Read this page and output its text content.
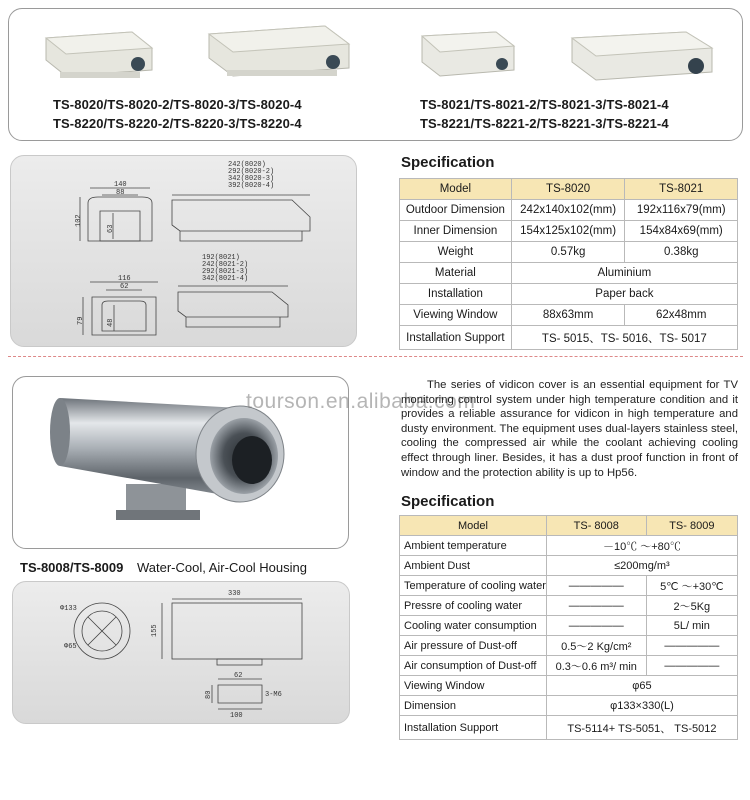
TS-8020/TS-8020-2/TS-8020-3/TS-8020-4
TS-8220/TS-8220-2/TS-8220-3/TS-8220-4
TS-8021/TS-8021-2/TS-8021-3/TS-8021-4
TS-8221/TS-8221-2/TS-8221-3/TS-8221-4
140
88
102
63
242(8020)
292(8020-2)
342(8020-3)
392(8020-4)
116
62
79	48
192(8021)
242(8021-2)
292(8021-3)
342(8021-4)
Specification
Model	TS-8020	TS-8021
Outdoor Dimension	242x140x102(mm)	192x116x79(mm)
Inner Dimension	154x125x102(mm)	154x84x69(mm)
Weight	0.57kg	0.38kg
Material	Aluminium	
Installation	Paper back	
Viewing Window	88x63mm	62x48mm
Installation Support	TS- 5015、TS- 5016、TS- 5017	
tourson.en.alibaba.com
The series of vidicon cover is an essential equipment for TV monitoring control system under high temperature condition and it provides a reliable assurance for vidicon in high temperature and dusty environment. The equipment uses dual-layers stainless steel, cooling the compressed air while the coolant achieving cooling effect through liner. Besides, it has a dust proof function in front of window and the protection ability is up to Hp56.
TS-8008/TS-8009 Water-Cool, Air-Cool Housing
Φ133
Φ65
330
155
62
80
100
3-M6
Specification
Model	TS- 8008	TS- 8009
Ambient temperature	－10℃ ～+80℃	
Ambient Dust	≤200mg/m³	
Temperature of cooling water	—————	5℃ ～+30℃
Pressre of cooling water	—————	2～5Kg
Cooling water consumption	—————	5L/ min
Air pressure of Dust-off	0.5～2 Kg/cm²	—————
Air consumption of Dust-off	0.3～0.6 m³/ min	—————
Viewing Window	φ65	
Dimension	φ133×330(L)	
Installation Support	TS-5114+ TS-5051、 TS-5012	
